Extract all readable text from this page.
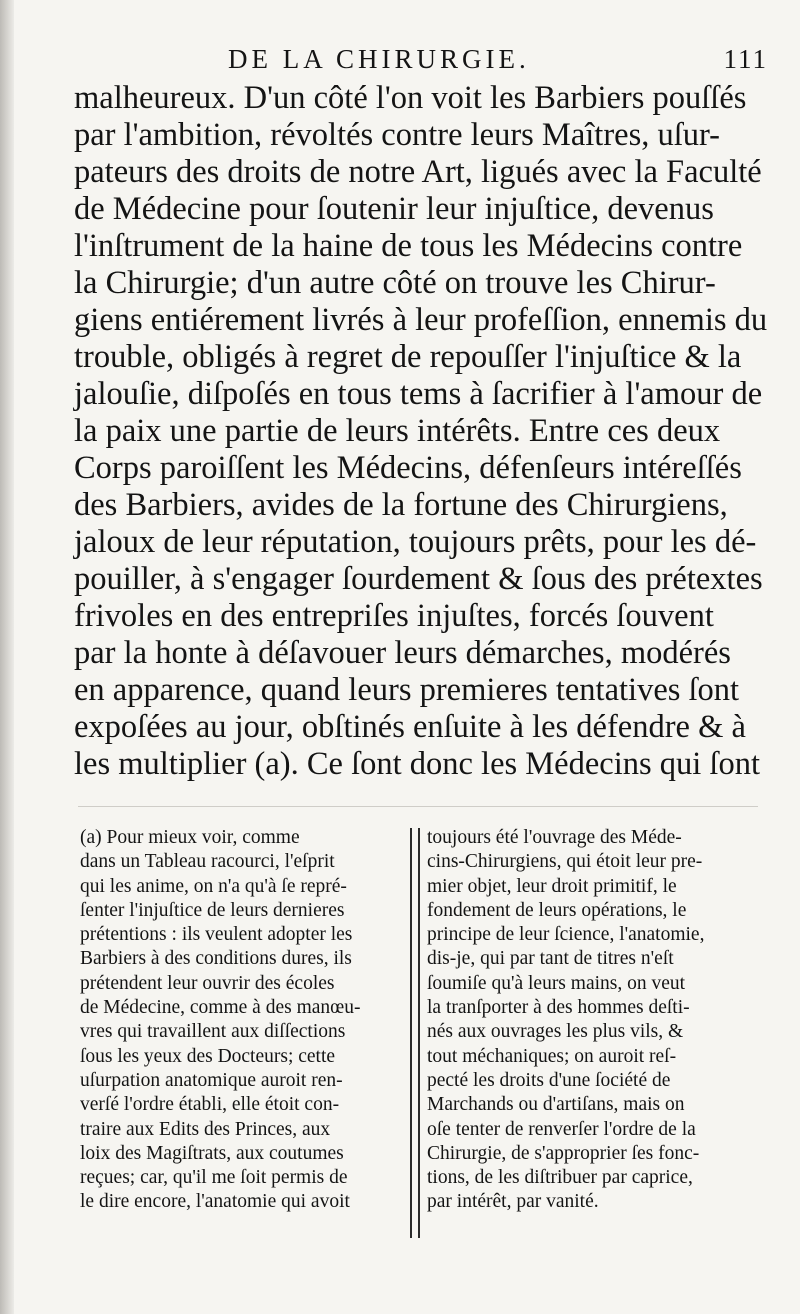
DE LA CHIRURGIE.	111
malheureux. D'un côté l'on voit les Barbiers pouſſés
par l'ambition, révoltés contre leurs Maîtres, uſur-
pateurs des droits de notre Art, ligués avec la Faculté
de Médecine pour ſoutenir leur injuſtice, devenus
l'inſtrument de la haine de tous les Médecins contre
la Chirurgie; d'un autre côté on trouve les Chirur-
giens entiérement livrés à leur profeſſion, ennemis du
trouble, obligés à regret de repouſſer l'injuſtice & la
jalouſie, diſpoſés en tous tems à ſacrifier à l'amour de
la paix une partie de leurs intérêts. Entre ces deux
Corps paroiſſent les Médecins, défenſeurs intéreſſés
des Barbiers, avides de la fortune des Chirurgiens,
jaloux de leur réputation, toujours prêts, pour les dé-
pouiller, à s'engager ſourdement & ſous des prétextes
frivoles en des entrepriſes injuſtes, forcés ſouvent
par la honte à déſavouer leurs démarches, modérés
en apparence, quand leurs premieres tentatives ſont
expoſées au jour, obſtinés enſuite à les défendre & à
les multiplier (a). Ce ſont donc les Médecins qui ſont
(a) Pour mieux voir, comme
dans un Tableau racourci, l'eſprit
qui les anime, on n'a qu'à ſe repré-
ſenter l'injuſtice de leurs dernieres
prétentions : ils veulent adopter les
Barbiers à des conditions dures, ils
prétendent leur ouvrir des écoles
de Médecine, comme à des manœu-
vres qui travaillent aux diſſections
ſous les yeux des Docteurs; cette
uſurpation anatomique auroit ren-
verſé l'ordre établi, elle étoit con-
traire aux Edits des Princes, aux
loix des Magiſtrats, aux coutumes
reçues; car, qu'il me ſoit permis de
le dire encore, l'anatomie qui avoit
toujours été l'ouvrage des Méde-
cins-Chirurgiens, qui étoit leur pre-
mier objet, leur droit primitif, le
fondement de leurs opérations, le
principe de leur ſcience, l'anatomie,
dis-je, qui par tant de titres n'eſt
ſoumiſe qu'à leurs mains, on veut
la tranſporter à des hommes deſti-
nés aux ouvrages les plus vils, &
tout méchaniques; on auroit reſ-
pecté les droits d'une ſociété de
Marchands ou d'artiſans, mais on
oſe tenter de renverſer l'ordre de la
Chirurgie, de s'approprier ſes fonc-
tions, de les diſtribuer par caprice,
par intérêt, par vanité.
